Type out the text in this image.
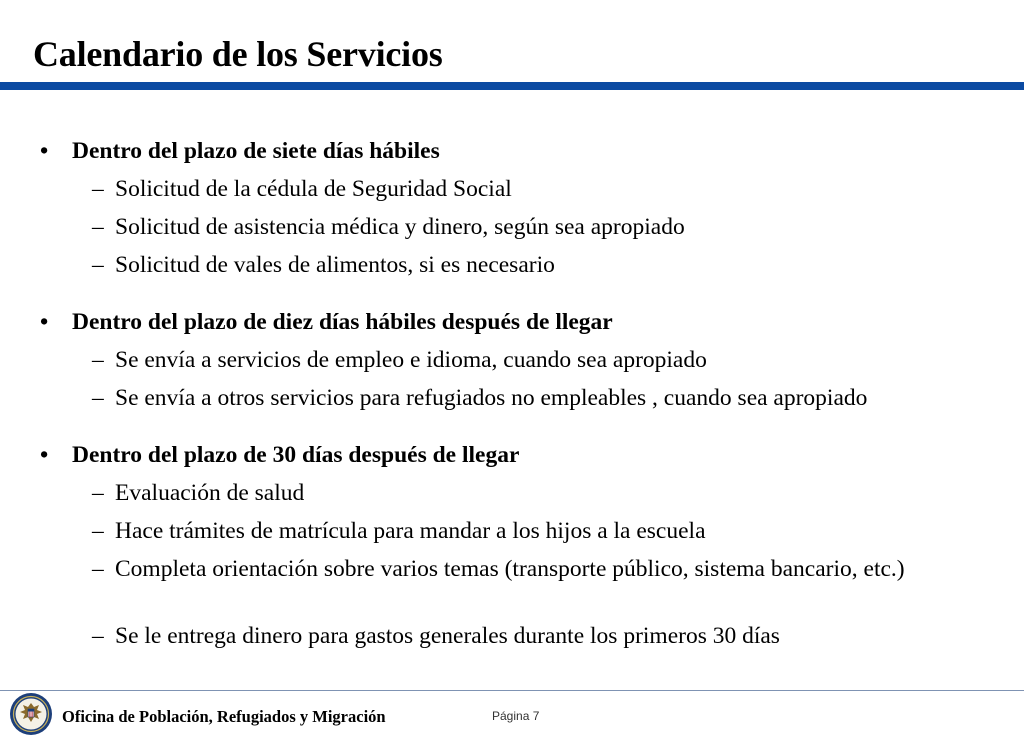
Calendario de los Servicios
• Dentro del plazo de siete días hábiles
– Solicitud de la cédula de Seguridad Social
– Solicitud de asistencia médica y dinero, según sea apropiado
– Solicitud de vales de alimentos, si es necesario
• Dentro del plazo de diez días hábiles después de llegar
– Se envía a servicios de empleo e idioma, cuando sea apropiado
– Se envía a otros servicios para refugiados no empleables , cuando sea apropiado
• Dentro del plazo de 30 días después de llegar
– Evaluación de salud
– Hace trámites de matrícula para mandar a los hijos a la escuela
– Completa orientación sobre varios temas (transporte público, sistema bancario, etc.)
– Se le entrega dinero para gastos generales durante los primeros 30 días
Oficina de Población, Refugiados y Migración	Página 7
